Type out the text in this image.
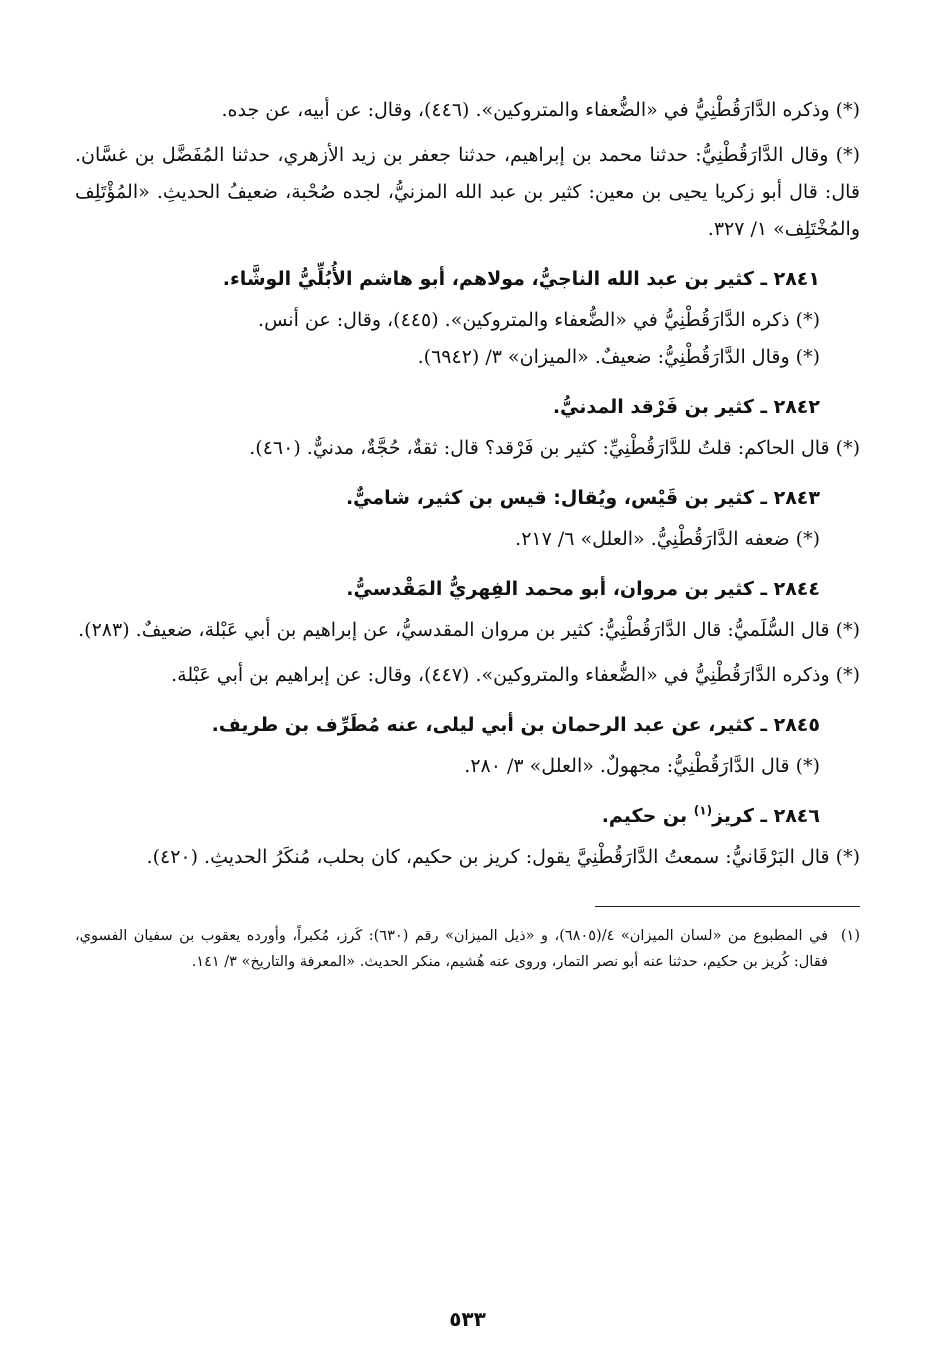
(*) وذكره الدَّارَقُطْنِيُّ في «الضُّعفاء والمتروكين». (٤٤٦)، وقال: عن أبيه، عن جده.

(*) وقال الدَّارَقُطْنِيُّ: حدثنا محمد بن إبراهيم، حدثنا جعفر بن زيد الأزهري، حدثنا المُفَضَّل بن غسَّان. قال: قال أبو زكريا يحيى بن معين: كثير بن عبد الله المزنيُّ، لجده صُحْبة، ضعيفُ الحديثِ. «المُؤْتَلِف والمُخْتَلِف» ١/ ٣٢٧.

٢٨٤١ ـ كثير بن عبد الله الناجيُّ، مولاهم، أبو هاشم الأُبُلِّيُّ الوشَّاء.

(*) ذكره الدَّارَقُطْنِيُّ في «الضُّعفاء والمتروكين». (٤٤٥)، وقال: عن أنس.

(*) وقال الدَّارَقُطْنِيُّ: ضعيفٌ. «الميزان» ٣/ (٦٩٤٢).

٢٨٤٢ ـ كثير بن فَرْقد المدنيُّ.

(*) قال الحاكم: قلتُ للدَّارَقُطْنِيِّ: كثير بن فَرْقد؟ قال: ثقةٌ، حُجَّةٌ، مدنيٌّ. (٤٦٠).

٢٨٤٣ ـ كثير بن قَيْس، ويُقال: قيس بن كثير، شاميٌّ.

(*) ضعفه الدَّارَقُطْنِيُّ. «العلل» ٦/ ٢١٧.

٢٨٤٤ ـ كثير بن مروان، أبو محمد الفِهريُّ المَقْدسيُّ.

(*) قال السُّلَميُّ: قال الدَّارَقُطْنِيُّ: كثير بن مروان المقدسيُّ، عن إبراهيم بن أبي عَبْلة، ضعيفٌ. (٢٨٣).

(*) وذكره الدَّارَقُطْنِيُّ في «الضُّعفاء والمتروكين». (٤٤٧)، وقال: عن إبراهيم بن أبي عَبْلة.

٢٨٤٥ ـ كثير، عن عبد الرحمان بن أبي ليلى، عنه مُطَرِّف بن طريف.

(*) قال الدَّارَقُطْنِيُّ: مجهولٌ. «العلل» ٣/ ٢٨٠.

٢٨٤٦ ـ كريز$^{(١)}$ بن حكيم.

(*) قال البَرْقَانيُّ: سمعتُ الدَّارَقُطْنِيَّ يقول: كريز بن حكيم، كان بحلب، مُنكَرُ الحديثِ. (٤٢٠).

(١)
في المطبوع من «لسان الميزان» ٤/(٦٨٠٥)، و «ذيل الميزان» رقم (٦٣٠): كَرز، مُكبراً، وأورده يعقوب بن سفيان الفسوي، فقال: كُريز بن حكيم، حدثنا عنه أبو نصر التمار، وروى عنه هُشيم، منكر الحديث. «المعرفة والتاريخ» ٣/ ١٤١.
٥٣٣
